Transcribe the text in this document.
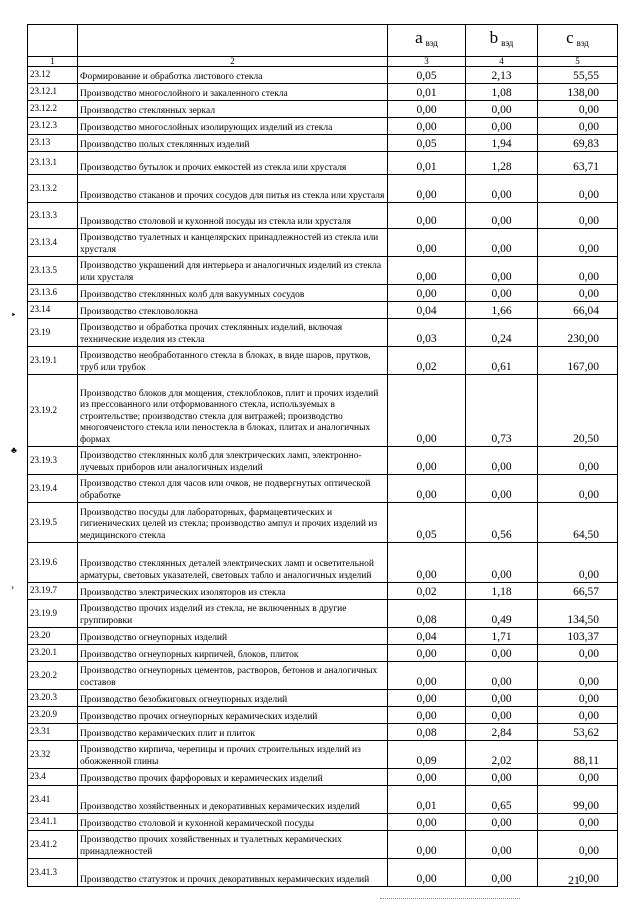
		a $_{вэд}$	b $_{вэд}$	c $_{вэд}$
1	2	3	4	5
23.12	Формирование и обработка листового стекла	0,05	2,13	55,55
23.12.1	Производство многослойного и закаленного стекла	0,01	1,08	138,00
23.12.2	Производство стеклянных зеркал	0,00	0,00	0,00
23.12.3	Производство многослойных изолирующих изделий из стекла	0,00	0,00	0,00
23.13	Производство полых стеклянных изделий	0,05	1,94	69,83
23.13.1	Производство бутылок и прочих емкостей из стекла или хрусталя	0,01	1,28	63,71
23.13.2	Производство стаканов и прочих сосудов для питья из стекла или хрусталя	0,00	0,00	0,00
23.13.3	Производство столовой и кухонной посуды из стекла или хрусталя	0,00	0,00	0,00
23.13.4	Производство туалетных и канцелярских принадлежностей из стекла или хрусталя	0,00	0,00	0,00
23.13.5	Производство украшений для интерьера и аналогичных изделий из стекла или хрусталя	0,00	0,00	0,00
23.13.6	Производство стеклянных колб для вакуумных сосудов	0,00	0,00	0,00
23.14	Производство стекловолокна	0,04	1,66	66,04
23.19	Производство и обработка прочих стеклянных изделий, включая технические изделия из стекла	0,03	0,24	230,00
23.19.1	Производство необработанного стекла в блоках, в виде шаров, прутков, труб или трубок	0,02	0,61	167,00
23.19.2	Производство блоков для мощения, стеклоблоков, плит и прочих изделий из прессованного или отформованного стекла, используемых в строительстве; производство стекла для витражей; производство многоячеистого стекла или пеностекла в блоках, плитах и аналогичных формах	0,00	0,73	20,50
23.19.3	Производство стеклянных колб для электрических ламп, электронно-лучевых приборов или аналогичных изделий	0,00	0,00	0,00
23.19.4	Производство стекол для часов или очков, не подвергнутых оптической обработке	0,00	0,00	0,00
23.19.5	Производство посуды для лабораторных, фармацевтических и гигиенических целей из стекла; производство ампул и прочих изделий из медицинского стекла	0,05	0,56	64,50
23.19.6	Производство стеклянных деталей электрических ламп и осветительной арматуры, световых указателей, световых табло и аналогичных изделий	0,00	0,00	0,00
23.19.7	Производство электрических изоляторов из стекла	0,02	1,18	66,57
23.19.9	Производство прочих изделий из стекла, не включенных в другие группировки	0,08	0,49	134,50
23.20	Производство огнеупорных изделий	0,04	1,71	103,37
23.20.1	Производство огнеупорных кирпичей, блоков, плиток	0,00	0,00	0,00
23.20.2	Производство огнеупорных цементов, растворов, бетонов и аналогичных составов	0,00	0,00	0,00
23.20.3	Производство безобжиговых огнеупорных изделий	0,00	0,00	0,00
23.20.9	Производство прочих огнеупорных керамических изделий	0,00	0,00	0,00
23.31	Производство керамических плит и плиток	0,08	2,84	53,62
23.32	Производство кирпича, черепицы и прочих строительных изделий из обожженной глины	0,09	2,02	88,11
23.4	Производство прочих фарфоровых и керамических изделий	0,00	0,00	0,00
23.41	Производство хозяйственных и декоративных керамических изделий	0,01	0,65	99,00
23.41.1	Производство столовой и кухонной керамической посуды	0,00	0,00	0,00
23.41.2	Производство прочих хозяйственных и туалетных керамических принадлежностей	0,00	0,00	0,00
23.41.3	Производство статуэток и прочих декоративных керамических изделий	0,00	0,00	0,00
‣
♣
›
21
